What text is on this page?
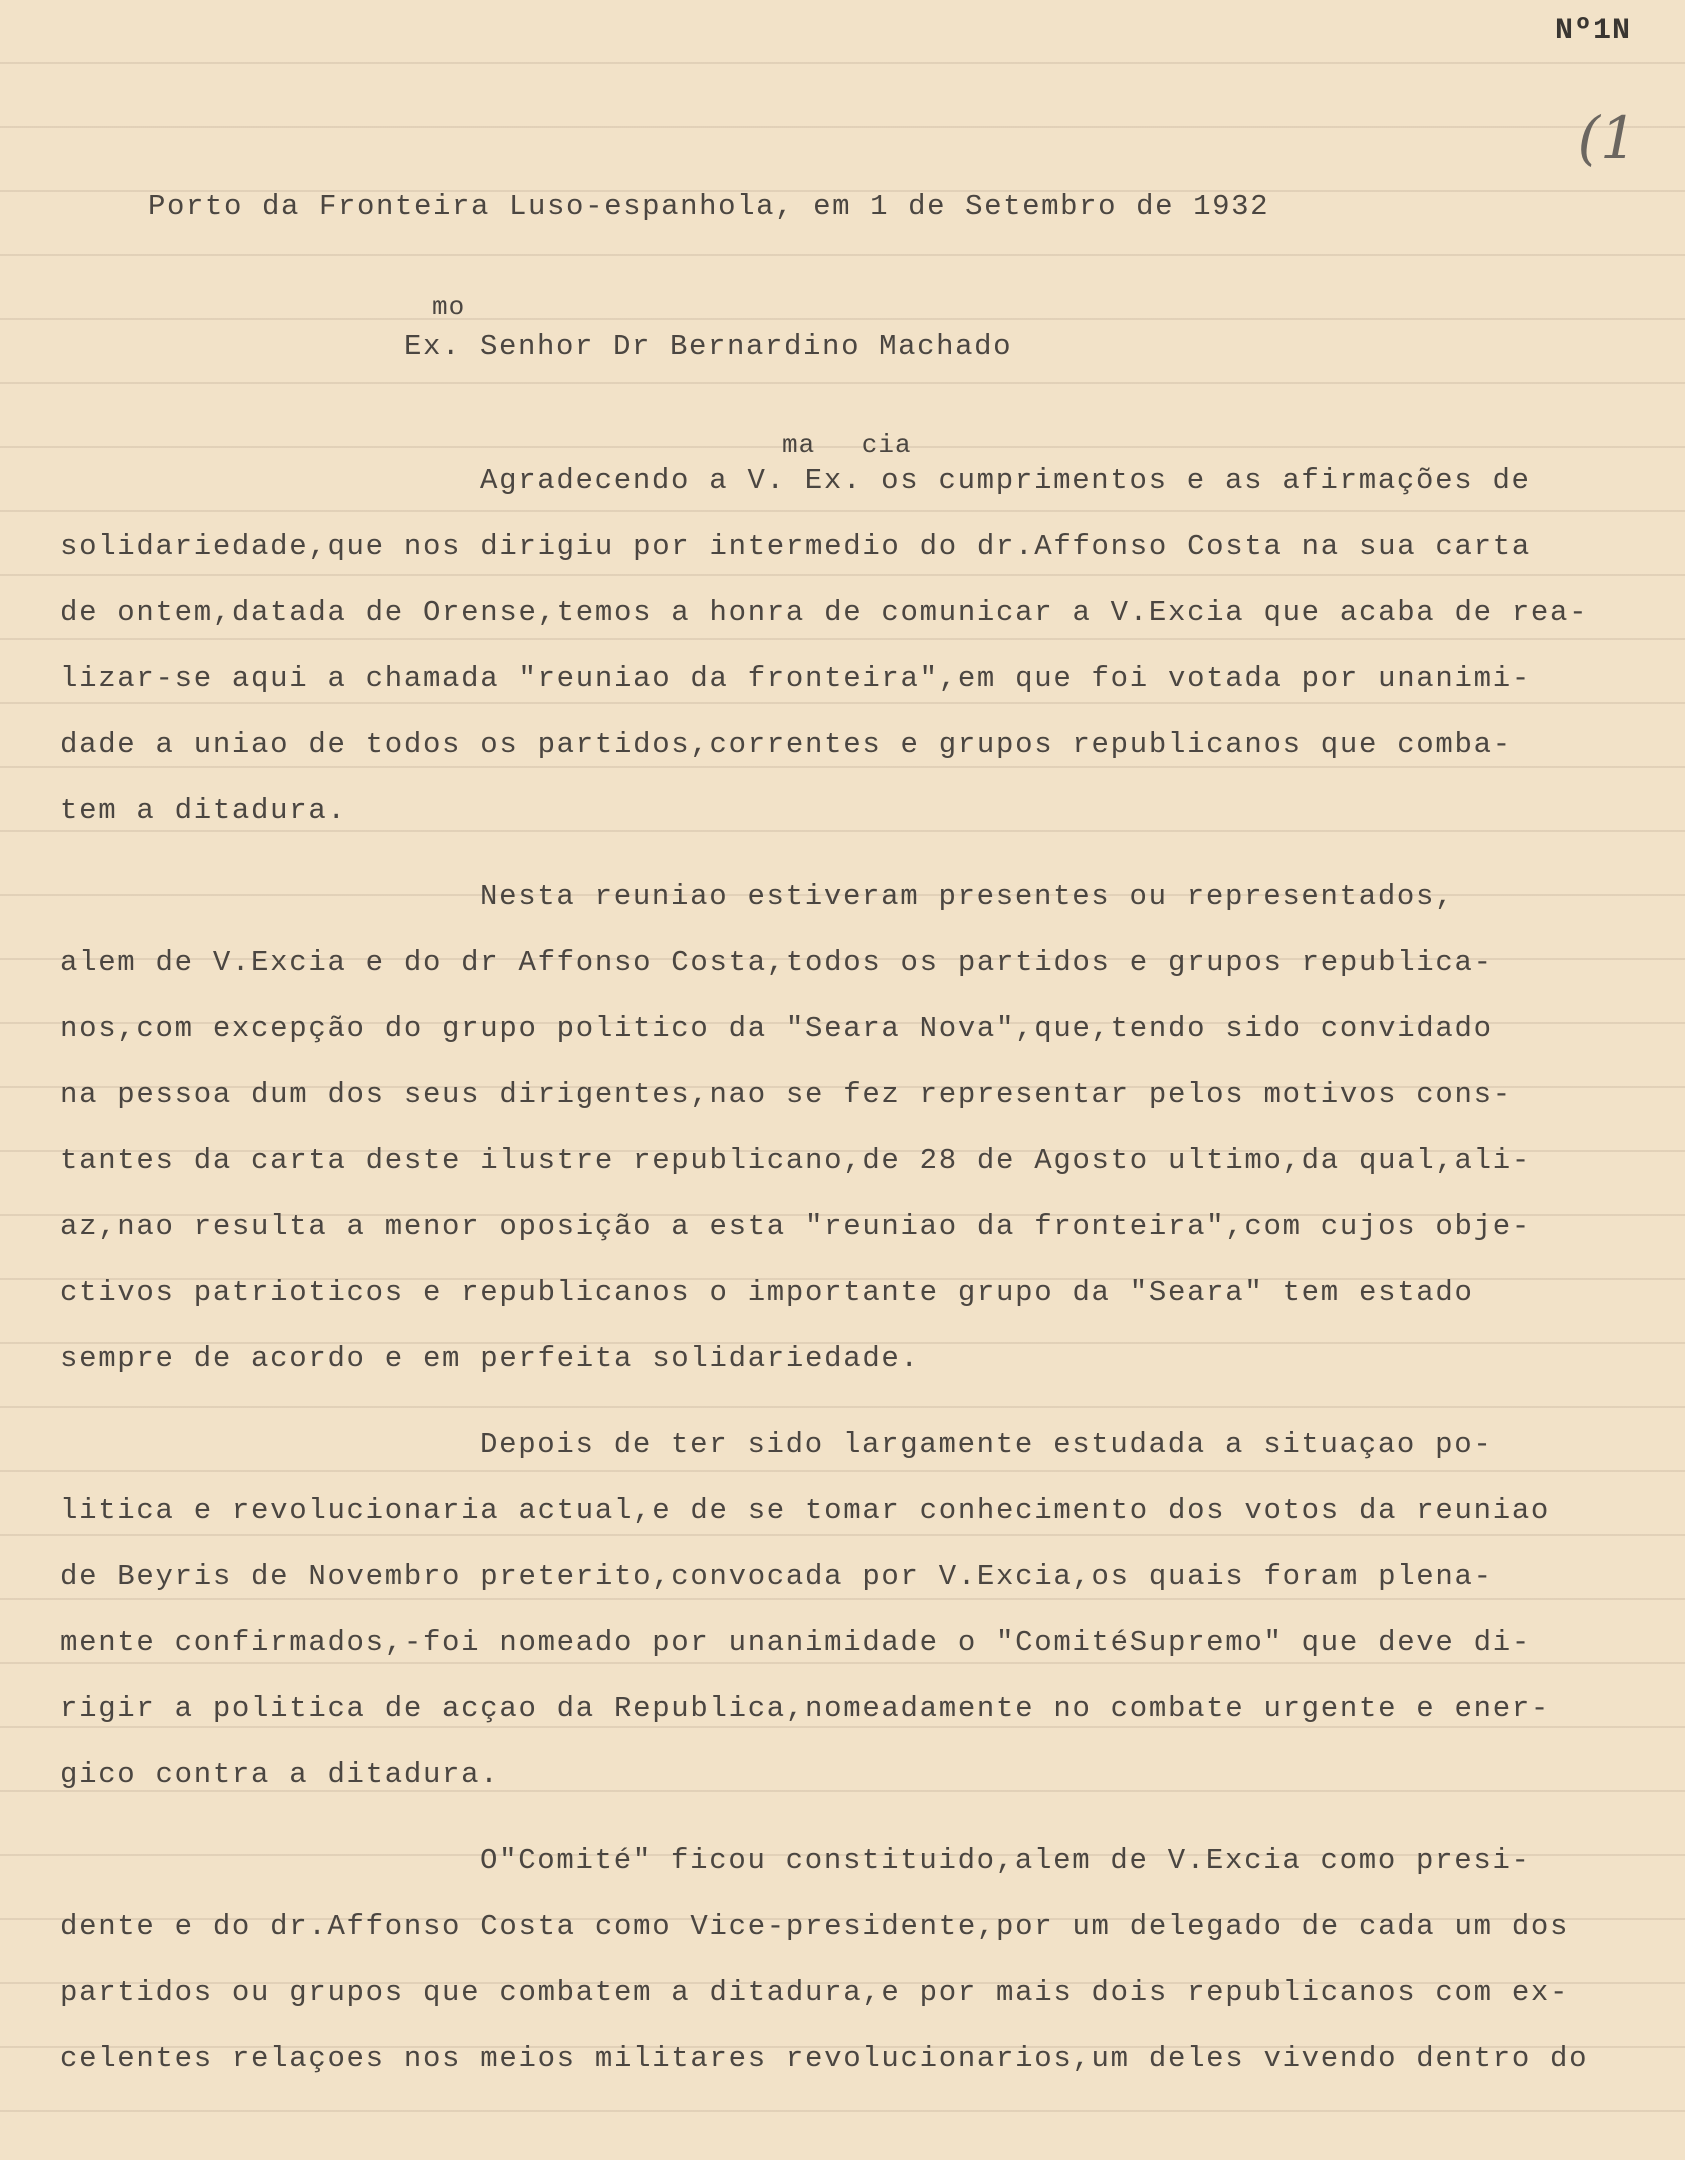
Nº1N
(1
Porto da Fronteira Luso-espanhola, em 1 de Setembro de 1932
mo
Ex. Senhor Dr Bernardino Machado
ma cia
Agradecendo a V. Ex. os cumprimentos e as afirmações de
solidariedade,que nos dirigiu por intermedio do dr.Affonso Costa na sua carta
de ontem,datada de Orense,temos a honra de comunicar a V.Excia que acaba de rea-
lizar-se aqui a chamada "reuniao da fronteira",em que foi votada por unanimi-
dade a uniao de todos os partidos,correntes e grupos republicanos que comba-
tem a ditadura.
Nesta reuniao estiveram presentes ou representados,
alem de V.Excia e do dr Affonso Costa,todos os partidos e grupos republica-
nos,com excepção do grupo politico da "Seara Nova",que,tendo sido convidado
na pessoa dum dos seus dirigentes,nao se fez representar pelos motivos cons-
tantes da carta deste ilustre republicano,de 28 de Agosto ultimo,da qual,ali-
az,nao resulta a menor oposição a esta "reuniao da fronteira",com cujos obje-
ctivos patrioticos e republicanos o importante grupo da "Seara" tem estado
sempre de acordo e em perfeita solidariedade.
Depois de ter sido largamente estudada a situaçao po-
litica e revolucionaria actual,e de se tomar conhecimento dos votos da reuniao
de Beyris de Novembro preterito,convocada por V.Excia,os quais foram plena-
mente confirmados,-foi nomeado por unanimidade o "ComitéSupremo" que deve di-
rigir a politica de acçao da Republica,nomeadamente no combate urgente e ener-
gico contra a ditadura.
O"Comité" ficou constituido,alem de V.Excia como presi-
dente e do dr.Affonso Costa como Vice-presidente,por um delegado de cada um dos
partidos ou grupos que combatem a ditadura,e por mais dois republicanos com ex-
celentes relaçoes nos meios militares revolucionarios,um deles vivendo dentro do
